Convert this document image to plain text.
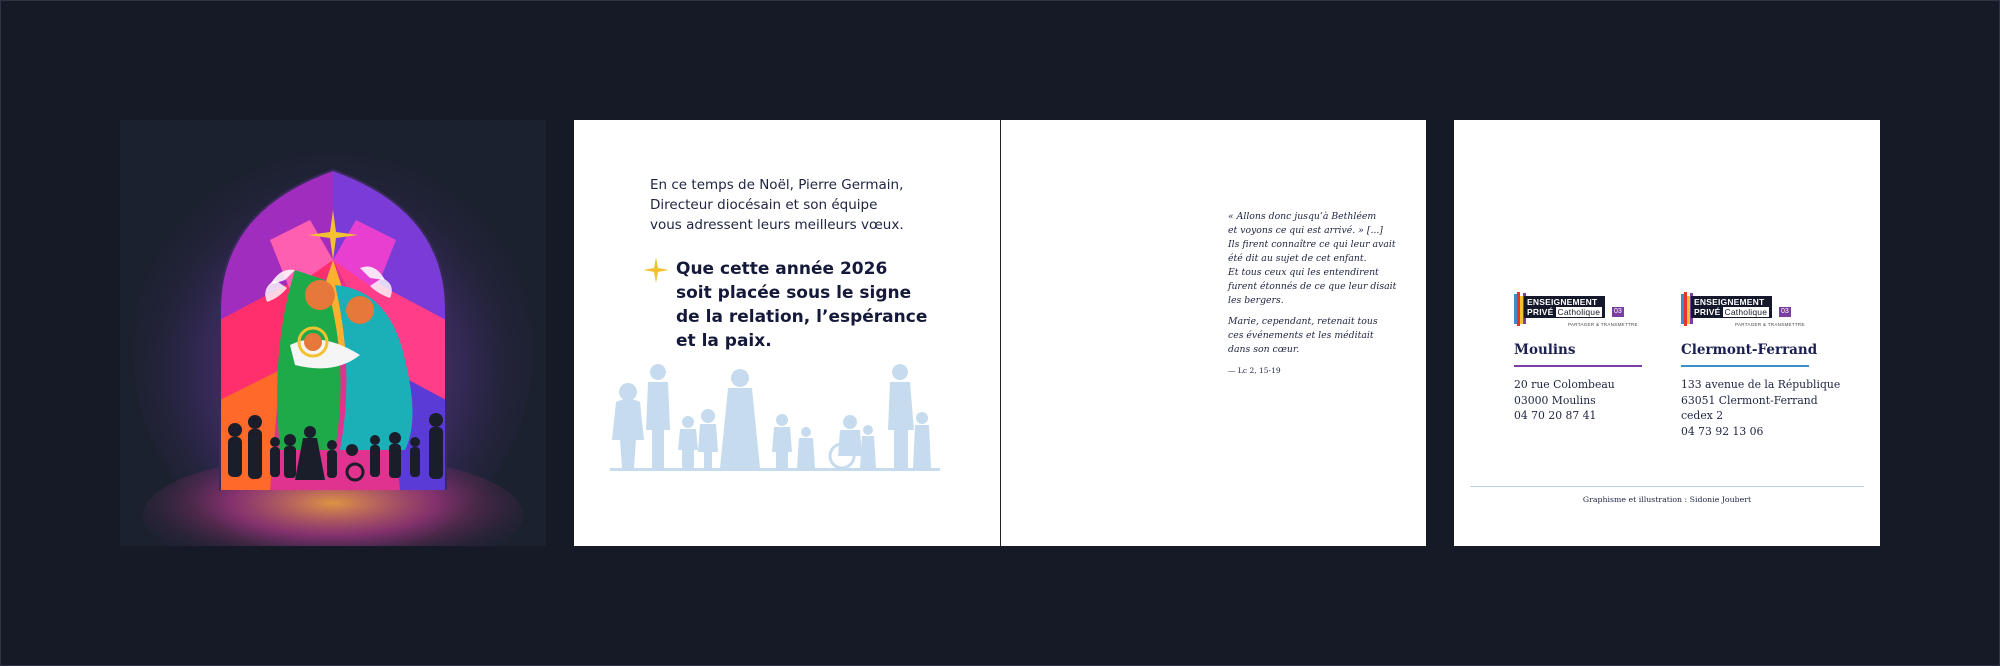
En ce temps de Noël, Pierre Germain,
Directeur diocésain et son équipe
vous adressent leurs meilleurs vœux.
Que cette année 2026
soit placée sous le signe
de la relation, l’espérance
et la paix.
« Allons donc jusqu’à Bethléem
et voyons ce qui est arrivé. » [...]
Ils firent connaître ce qui leur avait
été dit au sujet de cet enfant.
Et tous ceux qui les entendirent
furent étonnés de ce que leur disait
les bergers.
Marie, cependant, retenait tous
ces événements et les méditait
dans son cœur.
— Lc 2, 15-19
ENSEIGNEMENT
PRIVÉ Catholique	03
PARTAGER & TRANSMETTRE
ENSEIGNEMENT
PRIVÉ Catholique	03
PARTAGER & TRANSMETTRE
Moulins
20 rue Colombeau
03000 Moulins
04 70 20 87 41
Clermont-Ferrand
133 avenue de la République
63051 Clermont-Ferrand
cedex 2
04 73 92 13 06
Graphisme et illustration : Sidonie Joubert
